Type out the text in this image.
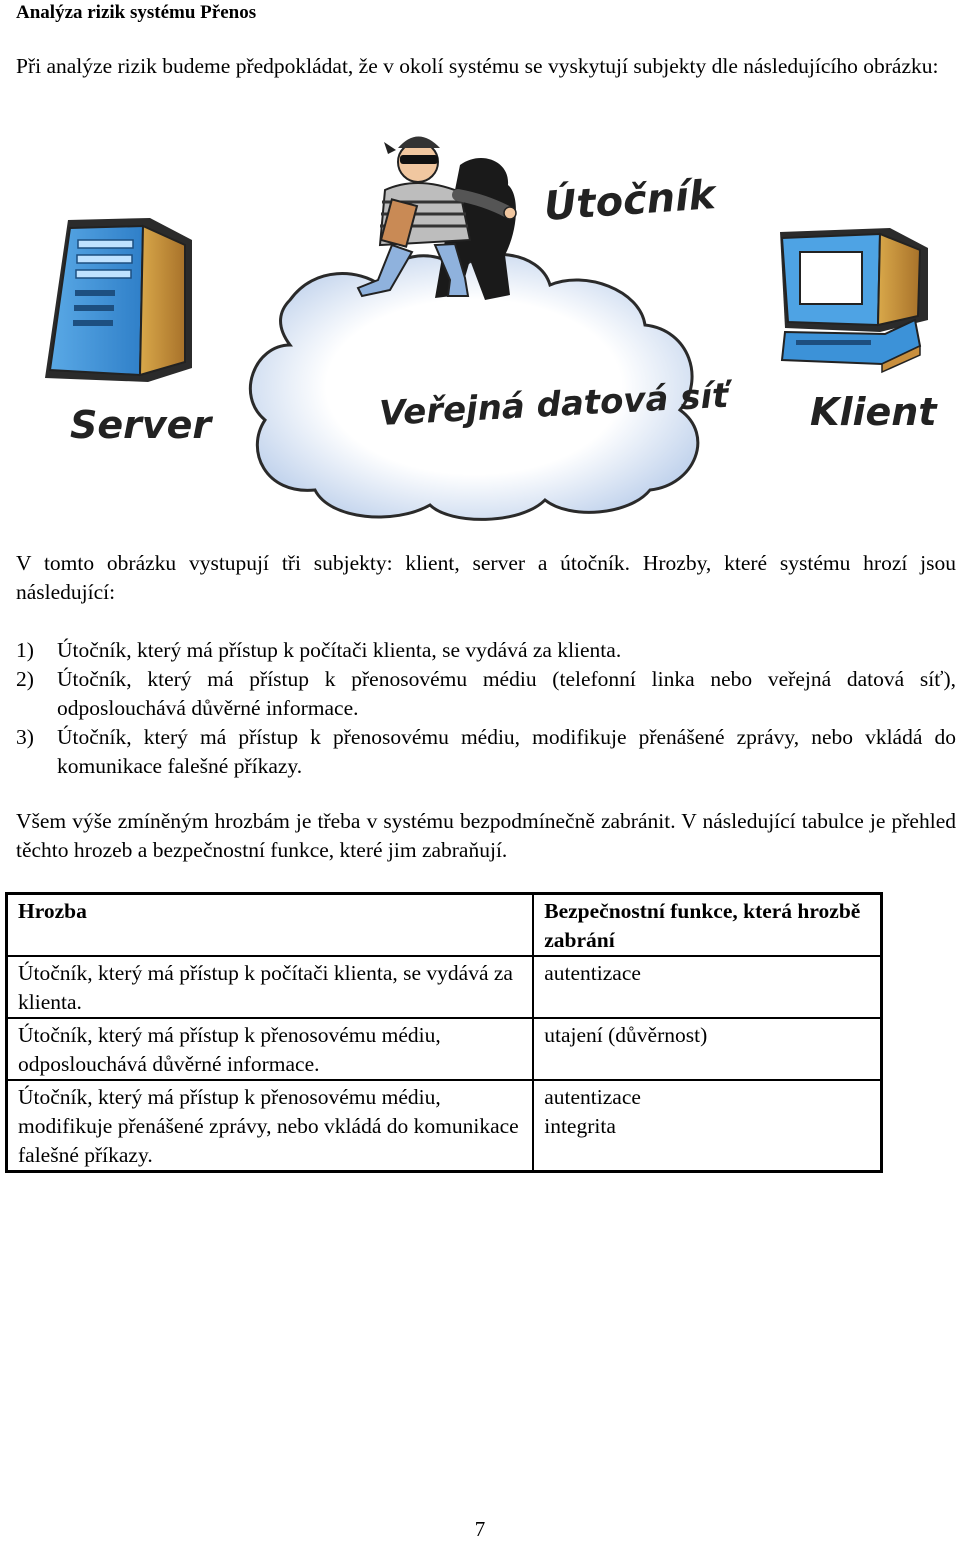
Analýza rizik systému Přenos
Při analýze rizik budeme předpokládat, že v okolí systému se vyskytují subjekty dle následujícího obrázku:
Útočník
Server	Veřejná datová síť Klient
V tomto obrázku vystupují tři subjekty: klient, server a útočník. Hrozby, které systému hrozí jsou následující:
1) Útočník, který má přístup k počítači klienta, se vydává za klienta.
2) Útočník, který má přístup k přenosovému médiu (telefonní linka nebo veřejná datová síť), odposlouchává důvěrné informace.
3) Útočník, který má přístup k přenosovému médiu, modifikuje přenášené zprávy, nebo vkládá do komunikace falešné příkazy.
Všem výše zmíněným hrozbám je třeba v systému bezpodmínečně zabránit. V následující tabulce je přehled těchto hrozeb a bezpečnostní funkce, které jim zabraňují.
Hrozba	Bezpečnostní funkce, která hrozbě zabrání
Útočník, který má přístup k počítači klienta, se vydává za klienta.	autentizace
Útočník, který má přístup k přenosovému médiu, odposlouchává důvěrné informace.	utajení (důvěrnost)
Útočník, který má přístup k přenosovému médiu, modifikuje přenášené zprávy, nebo vkládá do komunikace falešné příkazy.	autentizace
integrita
7
